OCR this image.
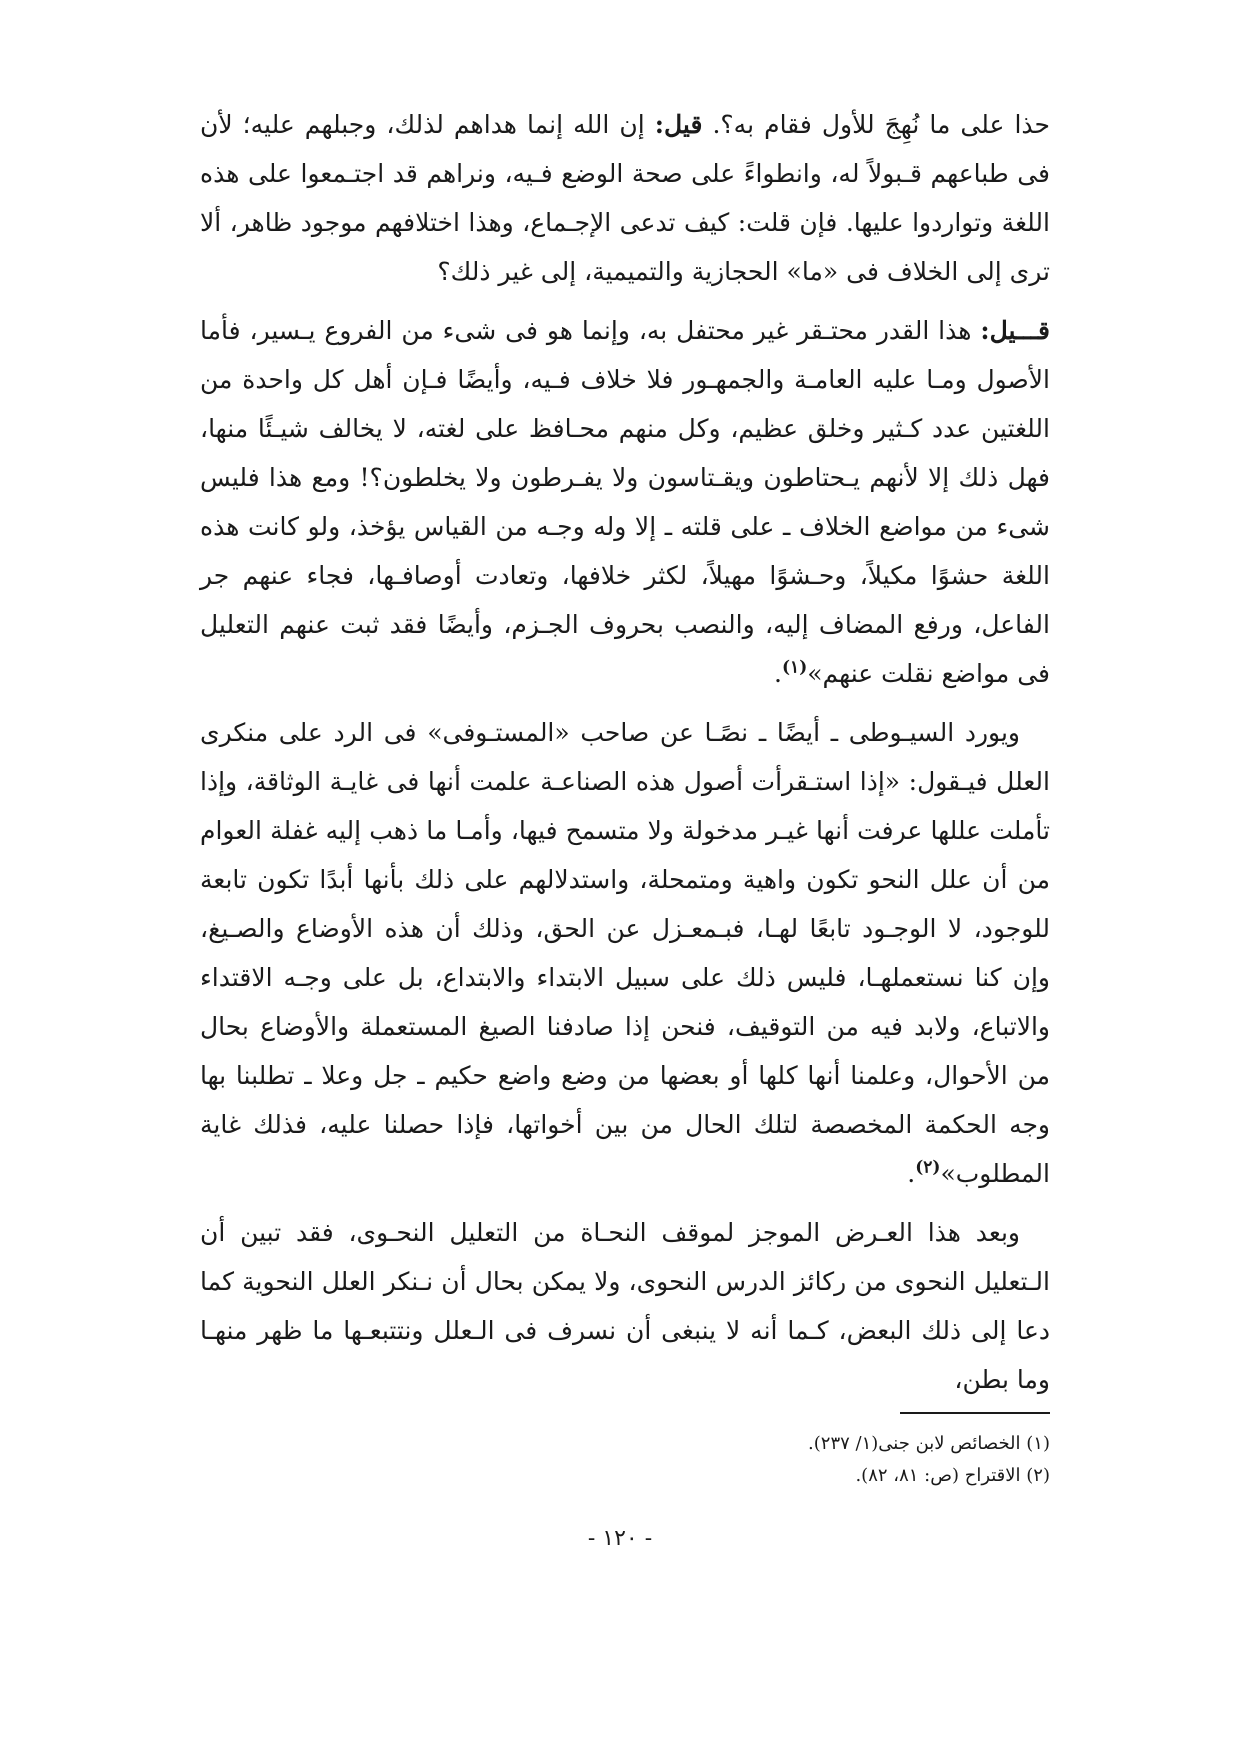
حذا على ما نُهِجَ للأول فقام به؟. قيل: إن الله إنما هداهم لذلك، وجبلهم عليه؛ لأن فى طباعهم قـبولاً له، وانطواءً على صحة الوضع فـيه، ونراهم قد اجتـمعوا على هذه اللغة وتواردوا عليها. فإن قلت: كيف تدعى الإجـماع، وهذا اختلافهم موجود ظاهر، ألا ترى إلى الخلاف فى «ما» الحجازية والتميمية، إلى غير ذلك؟

قـــيل: هذا القدر محتـقر غير محتفل به، وإنما هو فى شىء من الفروع يـسير، فأما الأصول ومـا عليه العامـة والجمهـور فلا خلاف فـيه، وأيضًا فـإن أهل كل واحدة من اللغتين عدد كـثير وخلق عظيم، وكل منهم محـافظ على لغته، لا يخالف شيـئًا منها، فهل ذلك إلا لأنهم يـحتاطون ويقـتاسون ولا يفـرطون ولا يخلطون؟! ومع هذا فليس شىء من مواضع الخلاف ـ على قلته ـ إلا وله وجـه من القياس يؤخذ، ولو كانت هذه اللغة حشوًا مكيلاً، وحـشوًا مهيلاً، لكثر خلافها، وتعادت أوصافـها، فجاء عنهم جر الفاعل، ورفع المضاف إليه، والنصب بحروف الجـزم، وأيضًا فقد ثبت عنهم التعليل فى مواضع نقلت عنهم»$^{(١)}$.

ويورد السيـوطى ـ أيضًا ـ نصًـا عن صاحب «المستـوفى» فى الرد على منكرى العلل فيـقول: «إذا استـقرأت أصول هذه الصناعـة علمت أنها فى غايـة الوثاقة، وإذا تأملت عللها عرفت أنها غيـر مدخولة ولا متسمح فيها، وأمـا ما ذهب إليه غفلة العوام من أن علل النحو تكون واهية ومتمحلة، واستدلالهم على ذلك بأنها أبدًا تكون تابعة للوجود، لا الوجـود تابعًا لهـا، فبـمعـزل عن الحق، وذلك أن هذه الأوضاع والصـيغ، وإن كنا نستعملهـا، فليس ذلك على سبيل الابتداء والابتداع، بل على وجـه الاقتداء والاتباع، ولابد فيه من التوقيف، فنحن إذا صادفنا الصيغ المستعملة والأوضاع بحال من الأحوال، وعلمنا أنها كلها أو بعضها من وضع واضع حكيم ـ جل وعلا ـ تطلبنا بها وجه الحكمة المخصصة لتلك الحال من بين أخواتها، فإذا حصلنا عليه، فذلك غاية المطلوب»$^{(٢)}$.

وبعد هذا العـرض الموجز لموقف النحـاة من التعليل النحـوى، فقد تبين أن الـتعليل النحوى من ركائز الدرس النحوى، ولا يمكن بحال أن نـنكر العلل النحوية كما دعا إلى ذلك البعض، كـما أنه لا ينبغى أن نسرف فى الـعلل ونتتبعـها ما ظهر منهـا وما بطن،

(١) الخصائص لابن جنى(١/ ٢٣٧).
(٢) الاقتراح (ص: ٨١، ٨٢).
- ١٢٠ -
